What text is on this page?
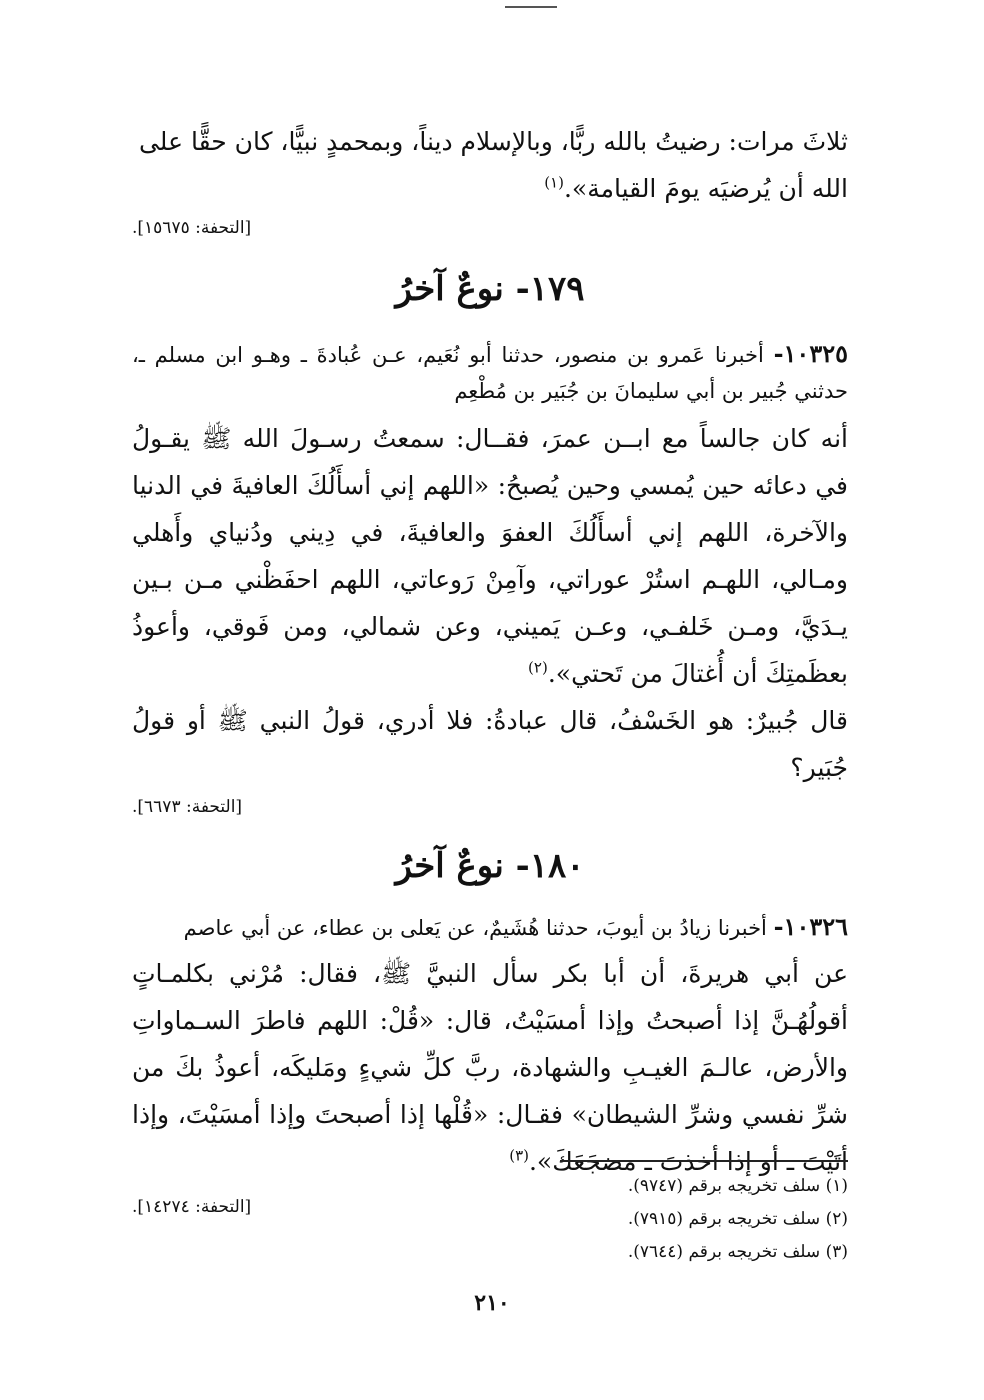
ثلاثَ مرات: رضيتُ بالله ربًّا، وبالإسلام ديناً، وبمحمدٍ نبيًّا، كان حقًّا على
الله أن يُرضيَه يومَ القيامة».$^{(١)}$

[التحفة: ١٥٦٧٥].

١٧٩- نوعٌ آخرُ

١٠٣٢٥- أخبرنا عَمرو بن منصور، حدثنا أبو نُعَيم، عـن عُبادةَ ـ وهـو ابن مسلم ـ، حدثني جُبير بن أبي سليمانَ بن جُبَير بن مُطْعِم

أنه كان جالساً مع ابــن عمرَ، فقــال: سمعتُ رسـولَ الله ﷺ يقـولُ في دعائه حين يُمسي وحين يُصبحُ: «اللهم إني أسأَلُكَ العافيةَ في الدنيا والآخرة، اللهم إني أسأَلُكَ العفوَ والعافيةَ، في دِيني ودُنياي وأَهلي ومـالي، اللهـم استُرْ عوراتي، وآمِنْ رَوعاتي، اللهم احفَظْني مـن بـين يـدَيَّ، ومـن خَلفـي، وعـن يَميني، وعن شمالي، ومن فَوقي، وأعوذُ بعظَمتِكَ أن أُغتالَ من تَحتي».$^{(٢)}$

قال جُبيرٌ: هو الخَسْفُ، قال عبادةُ: فلا أدري، قولُ النبي ﷺ أو قولُ جُبَير؟

[التحفة: ٦٦٧٣].

١٨٠- نوعٌ آخرُ

١٠٣٢٦- أخبرنا زيادُ بن أيوبَ، حدثنا هُشَيمٌ، عن يَعلى بن عطاء، عن أبي عاصم

عن أبي هريرةَ، أن أبا بكر سأل النبيَّ ﷺ، فقال: مُرْني بكلمـاتٍ أقولُهُـنَّ إذا أصبحتُ وإذا أمسَيْتُ، قال: «قُلْ: اللهم فاطرَ السـماواتِ والأرض، عالـمَ الغيـبِ والشهادة، ربَّ كلِّ شيءٍ ومَليكَه، أعوذُ بكَ من شرِّ نفسي وشرِّ الشيطان» فقـال: «قُلْها إذا أصبحتَ وإذا أمسَيْتَ، وإذا أتَيْتَ ـ أو إذا أخذتَ ـ مضجَعَكَ».$^{(٣)}$

[التحفة: ١٤٢٧٤].

(١) سلف تخريجه برقم (٩٧٤٧).
(٢) سلف تخريجه برقم (٧٩١٥).
(٣) سلف تخريجه برقم (٧٦٤٤).
٢١٠
